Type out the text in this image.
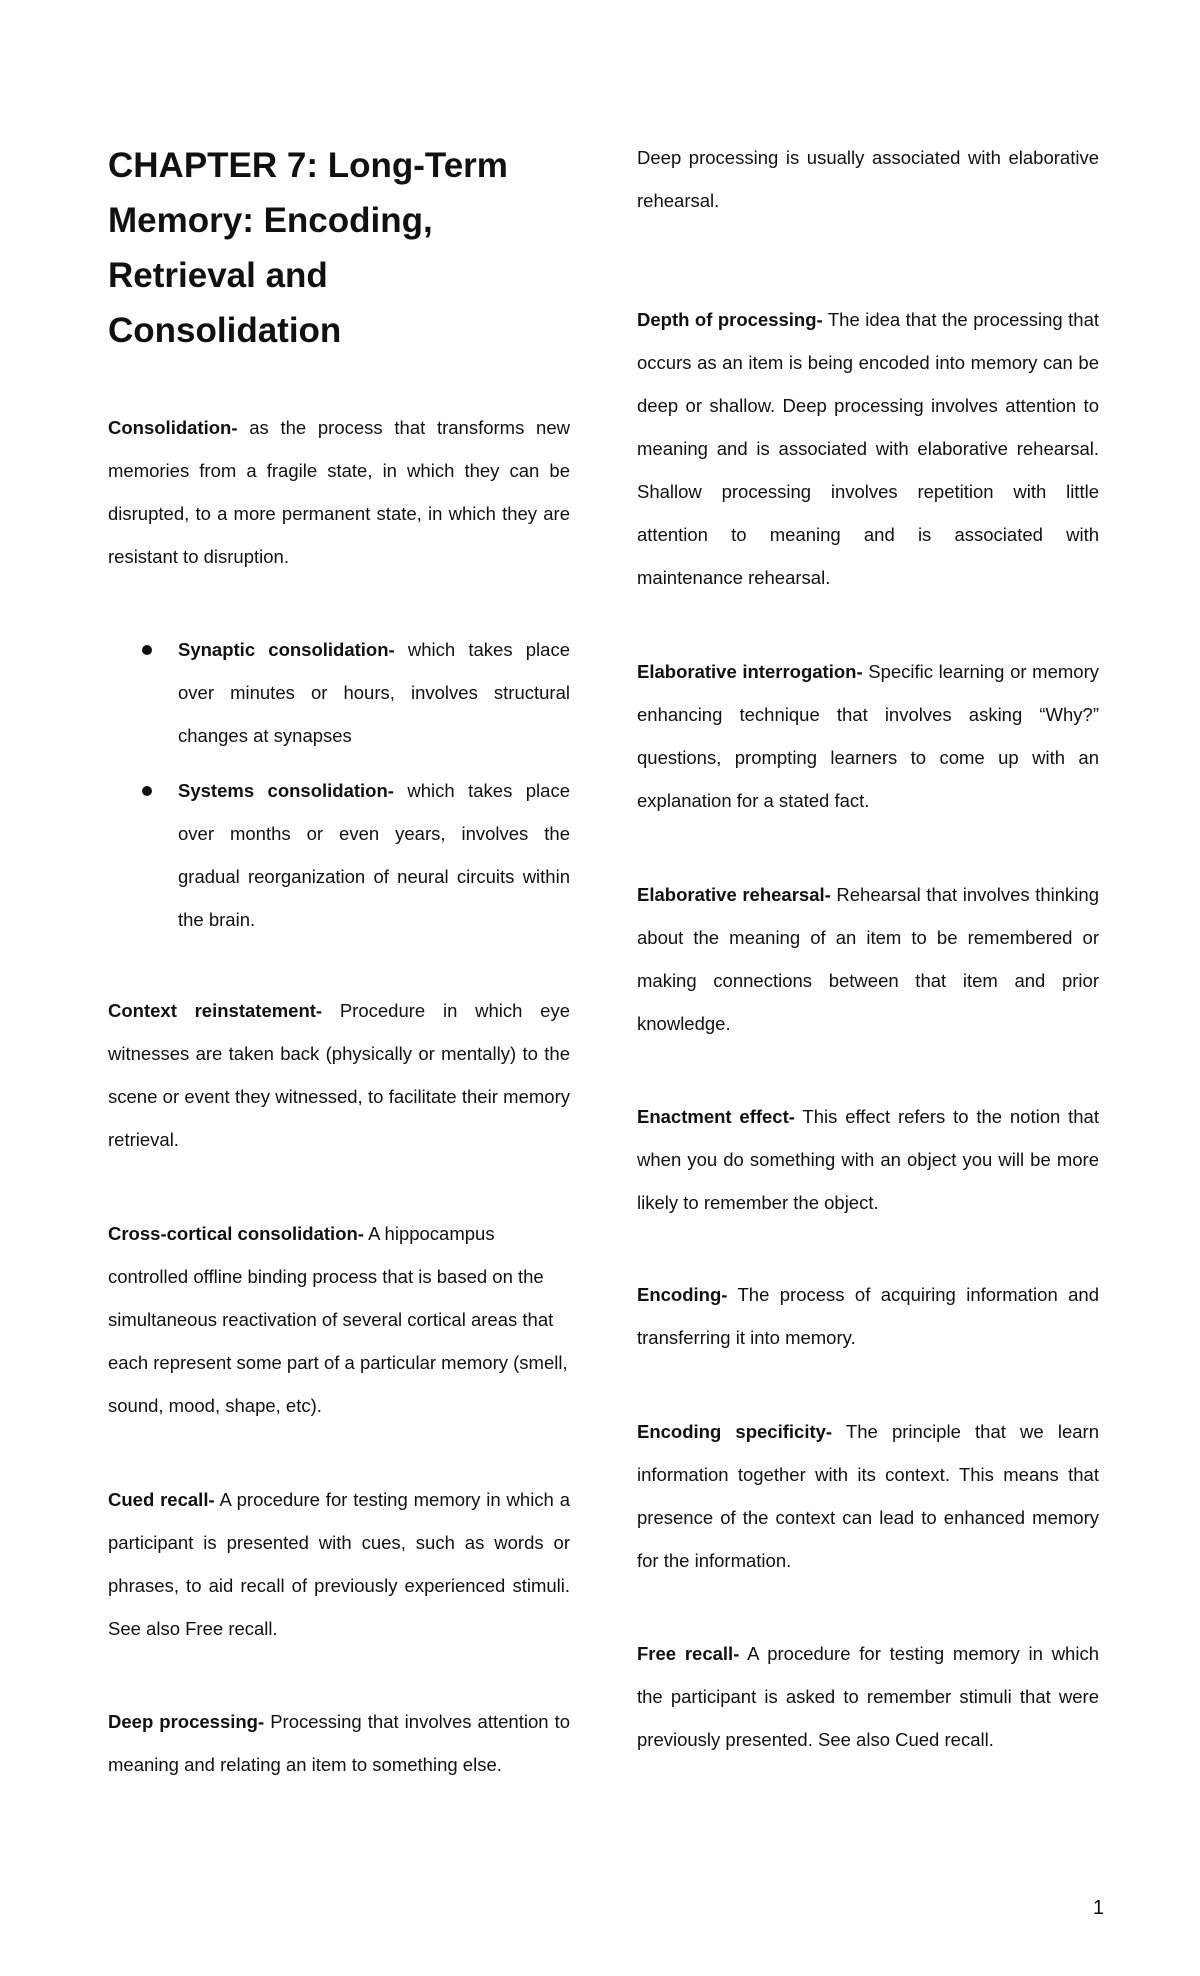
CHAPTER 7: Long-Term Memory: Encoding, Retrieval and Consolidation

Consolidation- as the process that transforms new memories from a fragile state, in which they can be disrupted, to a more permanent state, in which they are resistant to disruption.

Synaptic consolidation- which takes place over minutes or hours, involves structural changes at synapses
Systems consolidation- which takes place over months or even years, involves the gradual reorganization of neural circuits within the brain.

Context reinstatement- Procedure in which eye witnesses are taken back (physically or mentally) to the scene or event they witnessed, to facilitate their memory retrieval.

Cross-cortical consolidation- A hippocampus controlled offline binding process that is based on the simultaneous reactivation of several cortical areas that each represent some part of a particular memory (smell, sound, mood, shape, etc).

Cued recall- A procedure for testing memory in which a participant is presented with cues, such as words or phrases, to aid recall of previously experienced stimuli. See also Free recall.

Deep processing- Processing that involves attention to meaning and relating an item to something else.

Deep processing is usually associated with elaborative rehearsal.

Depth of processing- The idea that the processing that occurs as an item is being encoded into memory can be deep or shallow. Deep processing involves attention to meaning and is associated with elaborative rehearsal. Shallow processing involves repetition with little attention to meaning and is associated with maintenance rehearsal.

Elaborative interrogation- Specific learning or memory enhancing technique that involves asking “Why?” questions, prompting learners to come up with an explanation for a stated fact.

Elaborative rehearsal- Rehearsal that involves thinking about the meaning of an item to be remembered or making connections between that item and prior knowledge.

Enactment effect- This effect refers to the notion that when you do something with an object you will be more likely to remember the object.

Encoding- The process of acquiring information and transferring it into memory.

Encoding specificity- The principle that we learn information together with its context. This means that presence of the context can lead to enhanced memory for the information.

Free recall- A procedure for testing memory in which the participant is asked to remember stimuli that were previously presented. See also Cued recall.

1
